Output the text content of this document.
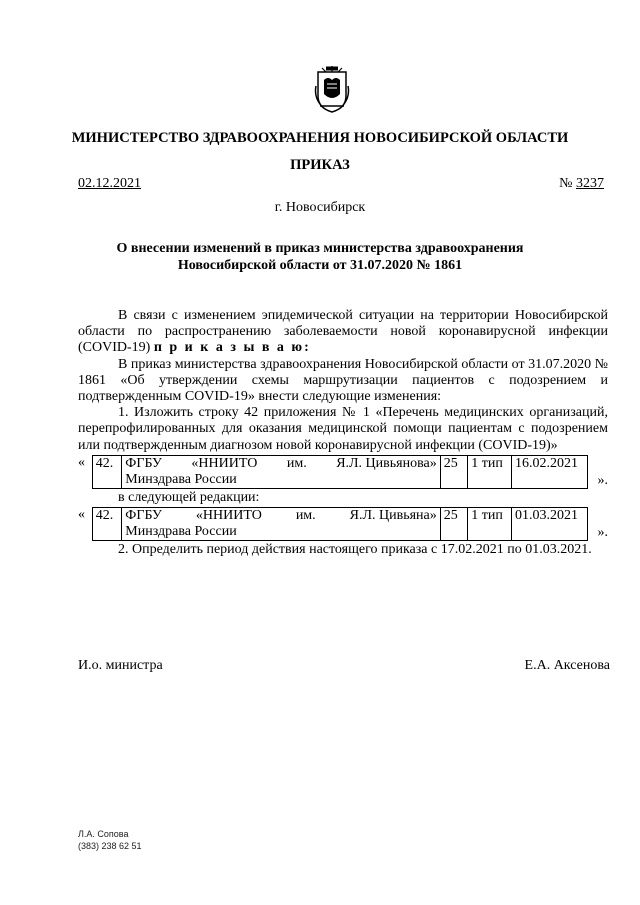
МИНИСТЕРСТВО ЗДРАВООХРАНЕНИЯ НОВОСИБИРСКОЙ ОБЛАСТИ
ПРИКАЗ
02.12.2021	№ 3237
г. Новосибирск
О внесении изменений в приказ министерства здравоохранения
Новосибирской области от 31.07.2020 № 1861

В связи с изменением эпидемической ситуации на территории Новосибирской области по распространению заболеваемости новой коронавирусной инфекции (COVID-19) п р и к а з ы в а ю:

В приказ министерства здравоохранения Новосибирской области от 31.07.2020 № 1861 «Об утверждении схемы маршрутизации пациентов с подозрением и подтвержденным COVID-19» внести следующие изменения:

1. Изложить строку 42 приложения № 1 «Перечень медицинских организаций, перепрофилированных для оказания медицинской помощи пациентам с подозрением или подтвержденным диагнозом новой коронавирусной инфекции (COVID-19)»

« 42.	ФГБУ «ННИИТО им. Я.Л. Цивьянова»
Минздрава России
	25	1 тип	16.02.2021
».

в следующей редакции:

« 42.	ФГБУ «ННИИТО им. Я.Л. Цивьяна»
Минздрава России
	25	1 тип	01.03.2021
».

2. Определить период действия настоящего приказа с 17.02.2021 по 01.03.2021.

И.о. министра	Е.А. Аксенова
Л.А. Сопова
(383) 238 62 51
